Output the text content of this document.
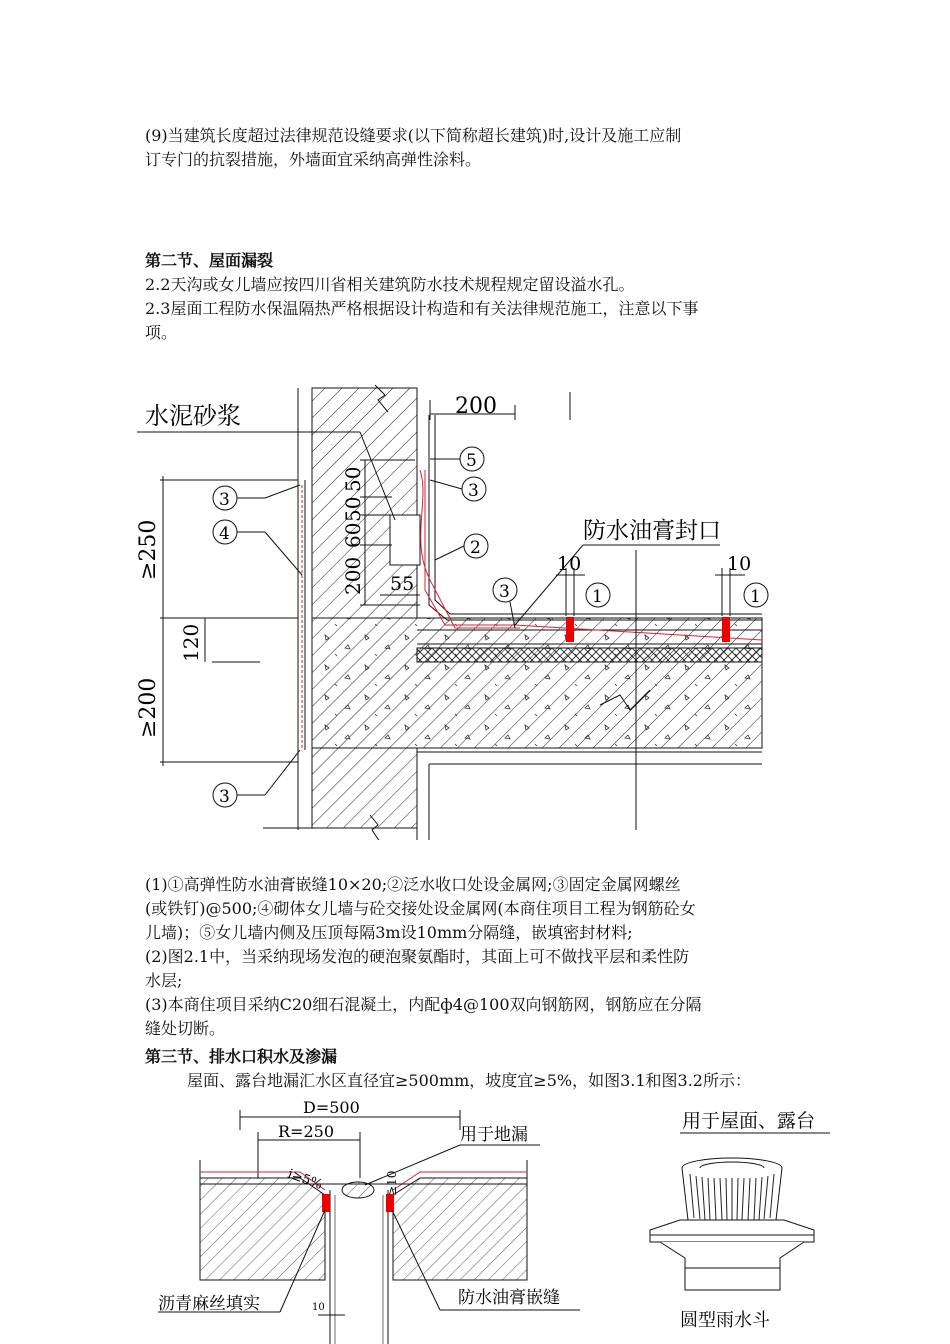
(9)当建筑长度超过法律规范设缝要求(以下简称超长建筑)时,设计及施工应制
订专门的抗裂措施，外墙面宜采纳高弹性涂料。
第二节、屋面漏裂
2.2天沟或女儿墙应按四川省相关建筑防水技术规程规定留设溢水孔。
2.3屋面工程防水保温隔热严格根据设计构造和有关法律规范施工，注意以下事
项。
水泥砂浆
防水油膏封口
200
≥250
≥200
120
50
50
60
200 55
10	10
3
4
3
5
3
2
3	1	1
(1)①高弹性防水油膏嵌缝10×20;②泛水收口处设金属网;③固定金属网螺丝
(或铁钉)@500;④砌体女儿墙与砼交接处设金属网(本商住项目工程为钢筋砼女
儿墙)；⑤女儿墙内侧及压顶每隔3m设10mm分隔缝，嵌填密封材料;
(2)图2.1中，当采纳现场发泡的硬泡聚氨酯时，其面上可不做找平层和柔性防
水层;
(3)本商住项目采纳C20细石混凝土，内配ф4@100双向钢筋网，钢筋应在分隔
缝处切断。
第三节、排水口积水及渗漏
屋面、露台地漏汇水区直径宜≥500mm，坡度宜≥5%，如图3.1和图3.2所示：
D=500
R=250	用于地漏
i≥5%	≥10
沥青麻丝填实	防水油膏嵌缝
10
用于屋面、露台
圆型雨水斗
